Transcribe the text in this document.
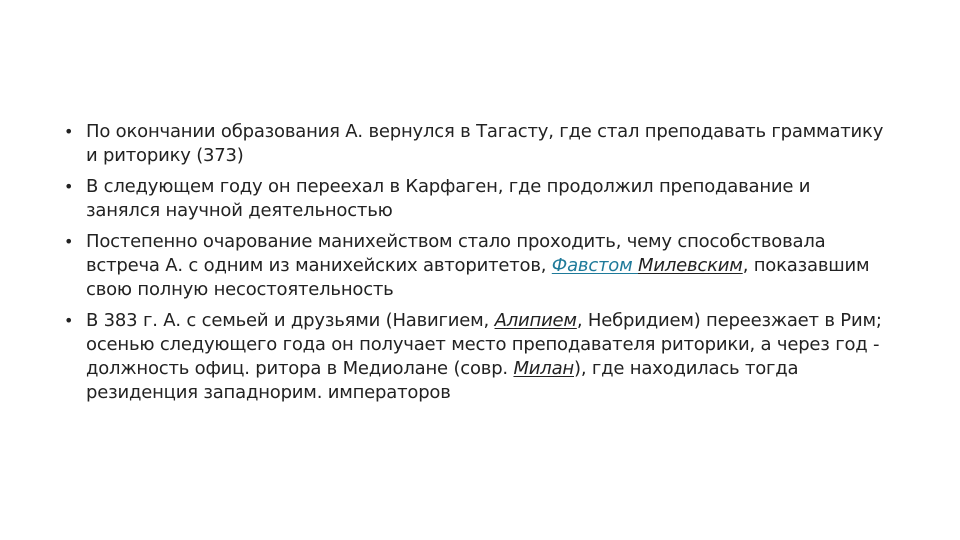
• По окончании образования А. вернулся в Тагасту, где стал преподавать грамматику и риторику (373)
• В следующем году он переехал в Карфаген, где продолжил преподавание и занялся научной деятельностью
• Постепенно очарование манихейством стало проходить, чему способствовала встреча А. с одним из манихейских авторитетов, Фавстом Милевским, показавшим свою полную несостоятельность
• В 383 г. А. с семьей и друзьями (Навигием, Алипием, Небридием) переезжает в Рим; осенью следующего года он получает место преподавателя риторики, а через год - должность офиц. ритора в Медиолане (совр. Милан), где находилась тогда резиденция западнорим. императоров
